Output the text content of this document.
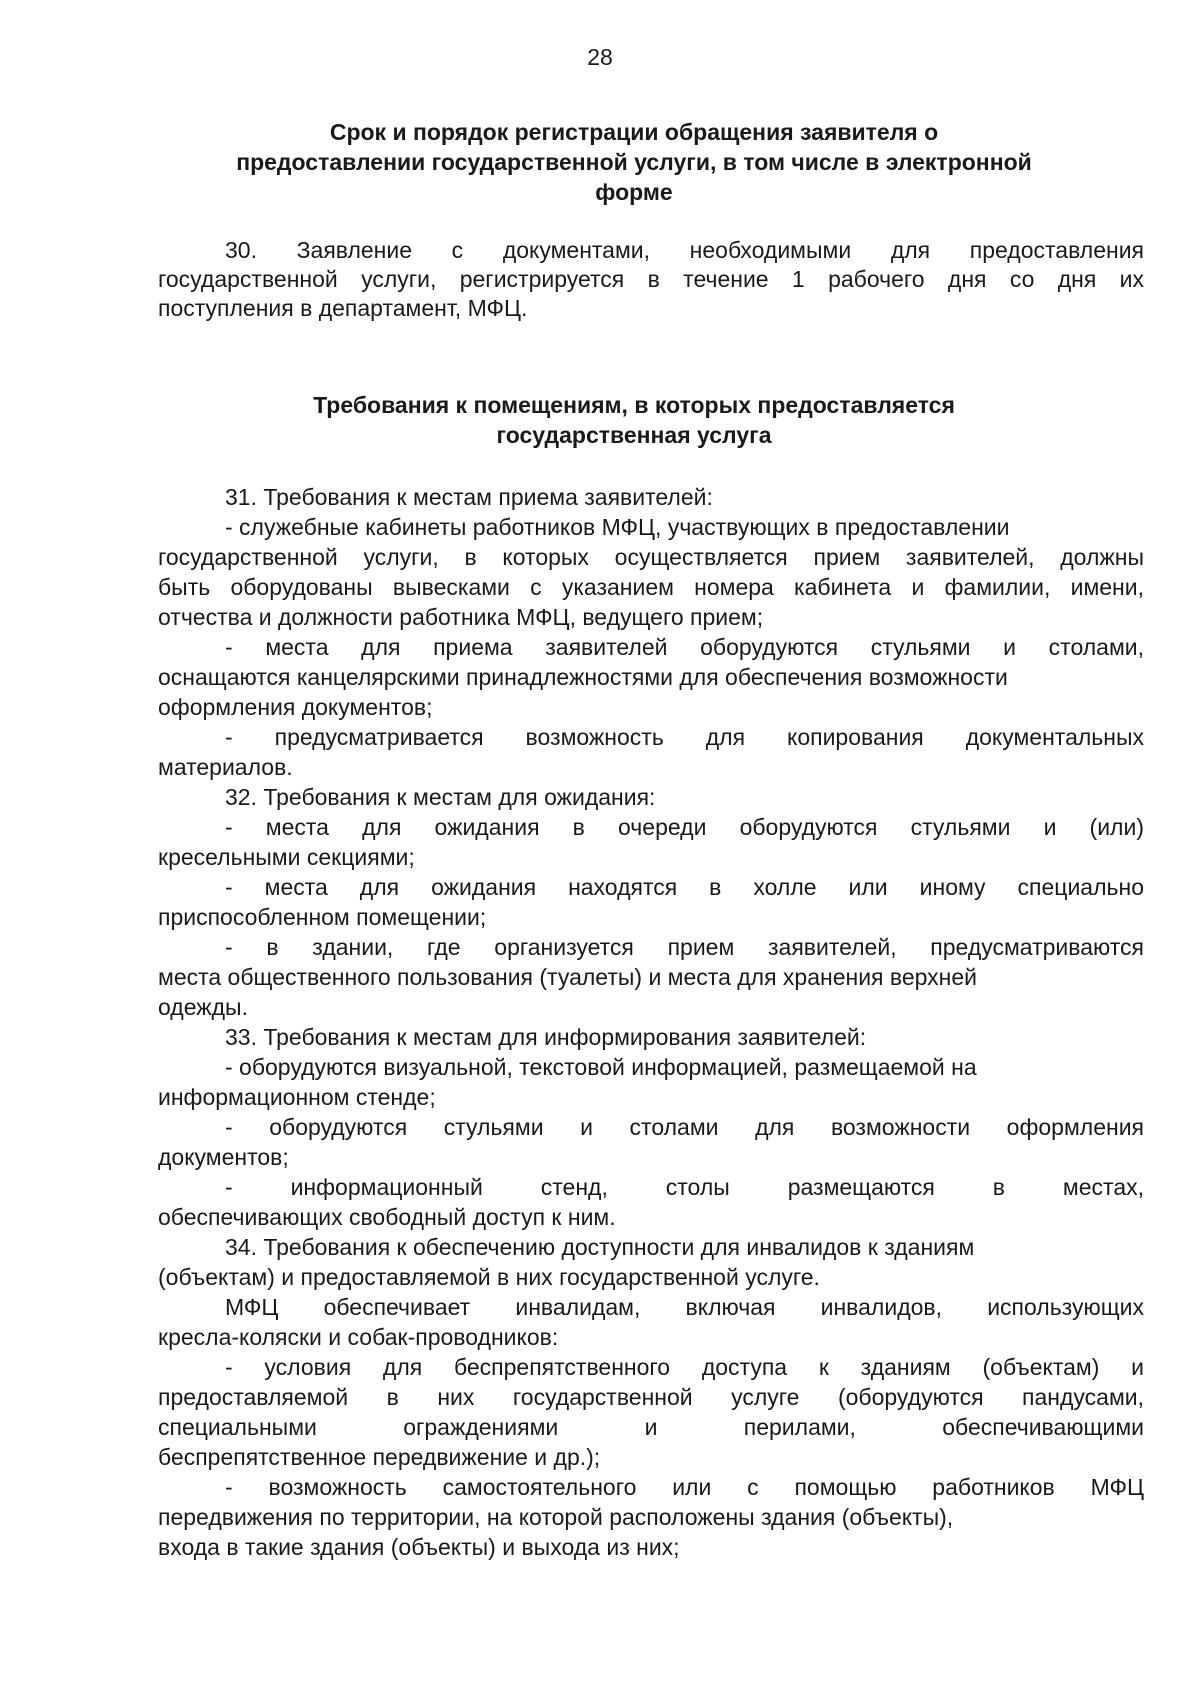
28
Срок и порядок регистрации обращения заявителя о
предоставлении государственной услуги, в том числе в электронной
форме
30. Заявление с документами, необходимыми для предоставления
государственной услуги, регистрируется в течение 1 рабочего дня со дня их
поступления в департамент, МФЦ.
Требования к помещениям, в которых предоставляется
государственная услуга
31. Требования к местам приема заявителей:
- служебные кабинеты работников МФЦ, участвующих в предоставлении
государственной услуги, в которых осуществляется прием заявителей, должны
быть оборудованы вывесками с указанием номера кабинета и фамилии, имени,
отчества и должности работника МФЦ, ведущего прием;
- места для приема заявителей оборудуются стульями и столами,
оснащаются канцелярскими принадлежностями для обеспечения возможности
оформления документов;
- предусматривается возможность для копирования документальных
материалов.
32. Требования к местам для ожидания:
- места для ожидания в очереди оборудуются стульями и (или)
кресельными секциями;
- места для ожидания находятся в холле или иному специально
приспособленном помещении;
- в здании, где организуется прием заявителей, предусматриваются
места общественного пользования (туалеты) и места для хранения верхней
одежды.
33. Требования к местам для информирования заявителей:
- оборудуются визуальной, текстовой информацией, размещаемой на
информационном стенде;
- оборудуются стульями и столами для возможности оформления
документов;
- информационный стенд, столы размещаются в местах,
обеспечивающих свободный доступ к ним.
34. Требования к обеспечению доступности для инвалидов к зданиям
(объектам) и предоставляемой в них государственной услуге.
МФЦ обеспечивает инвалидам, включая инвалидов, использующих
кресла-коляски и собак-проводников:
- условия для беспрепятственного доступа к зданиям (объектам) и
предоставляемой в них государственной услуге (оборудуются пандусами,
специальными ограждениями и перилами, обеспечивающими
беспрепятственное передвижение и др.);
- возможность самостоятельного или с помощью работников МФЦ
передвижения по территории, на которой расположены здания (объекты),
входа в такие здания (объекты) и выхода из них;
